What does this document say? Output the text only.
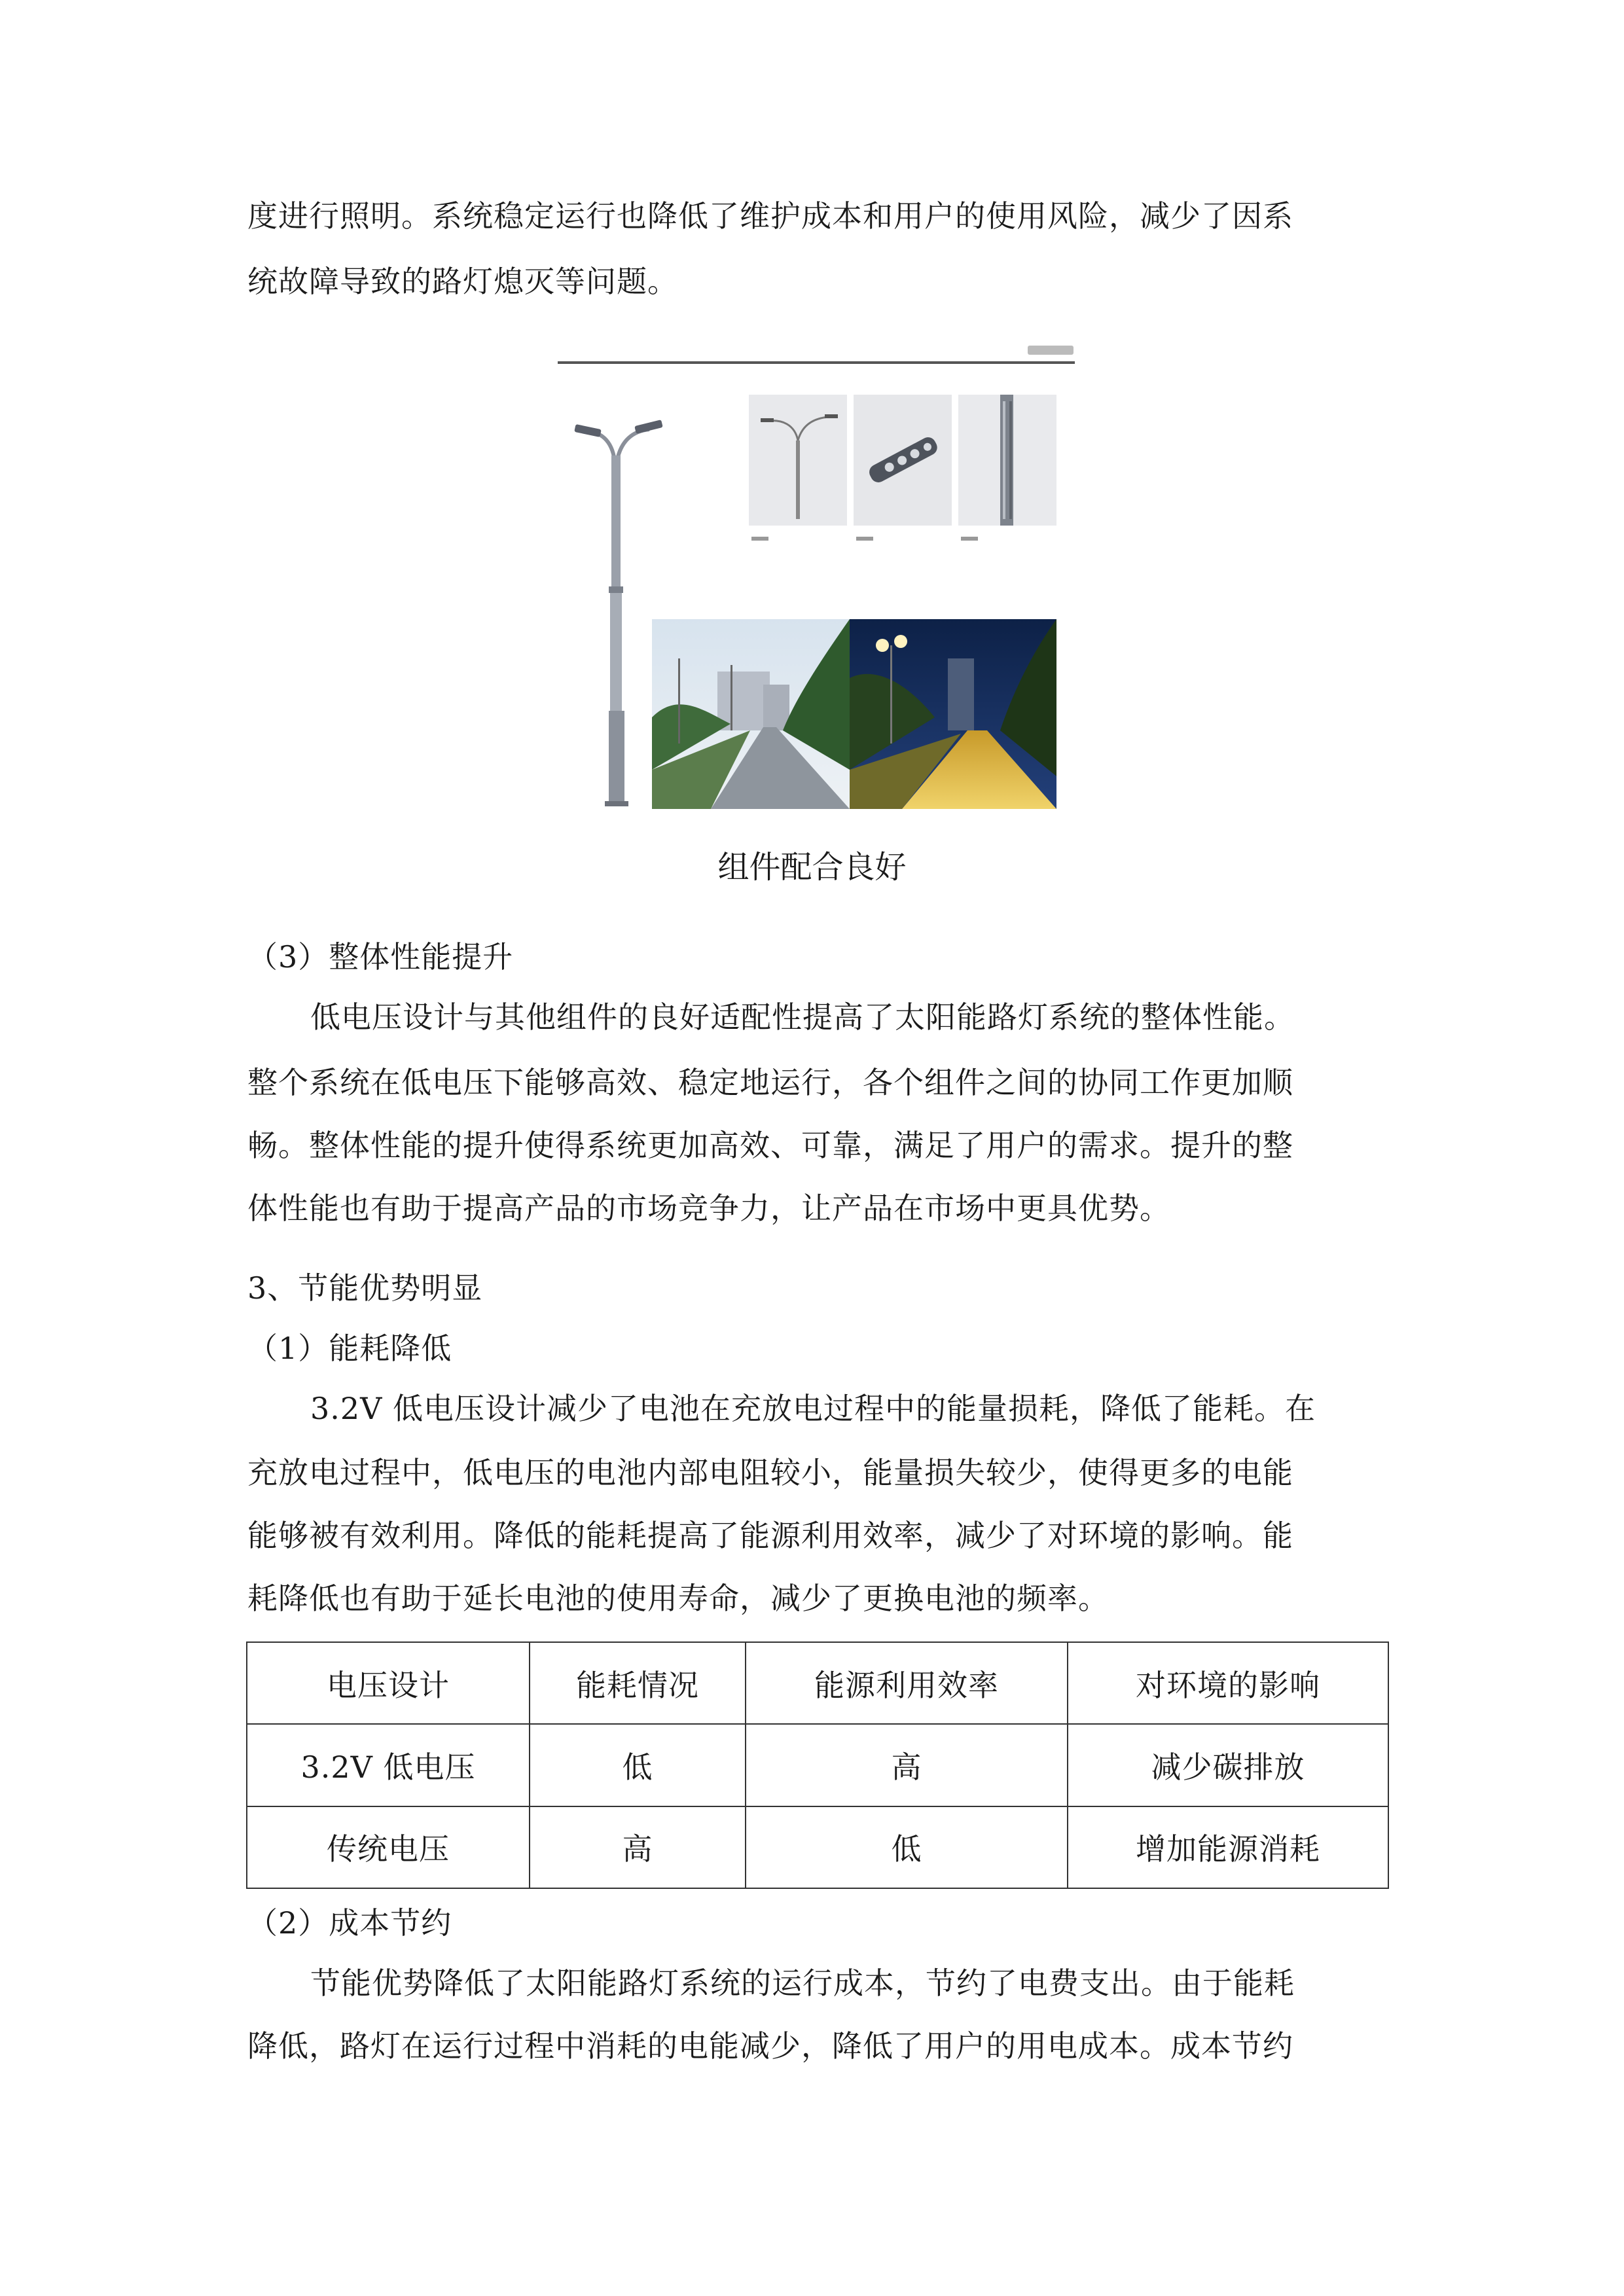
度进行照明。系统稳定运行也降低了维护成本和用户的使用风险，减少了因系
统故障导致的路灯熄灭等问题。
组件配合良好
（3）整体性能提升
低电压设计与其他组件的良好适配性提高了太阳能路灯系统的整体性能。
整个系统在低电压下能够高效、稳定地运行，各个组件之间的协同工作更加顺
畅。整体性能的提升使得系统更加高效、可靠，满足了用户的需求。提升的整
体性能也有助于提高产品的市场竞争力，让产品在市场中更具优势。
3、节能优势明显
（1）能耗降低
3.2V 低电压设计减少了电池在充放电过程中的能量损耗，降低了能耗。在
充放电过程中，低电压的电池内部电阻较小，能量损失较少，使得更多的电能
能够被有效利用。降低的能耗提高了能源利用效率，减少了对环境的影响。能
耗降低也有助于延长电池的使用寿命，减少了更换电池的频率。
电压设计	能耗情况	能源利用效率	对环境的影响
3.2V 低电压	低	高	减少碳排放
传统电压	高	低	增加能源消耗
（2）成本节约
节能优势降低了太阳能路灯系统的运行成本，节约了电费支出。由于能耗
降低，路灯在运行过程中消耗的电能减少，降低了用户的用电成本。成本节约
